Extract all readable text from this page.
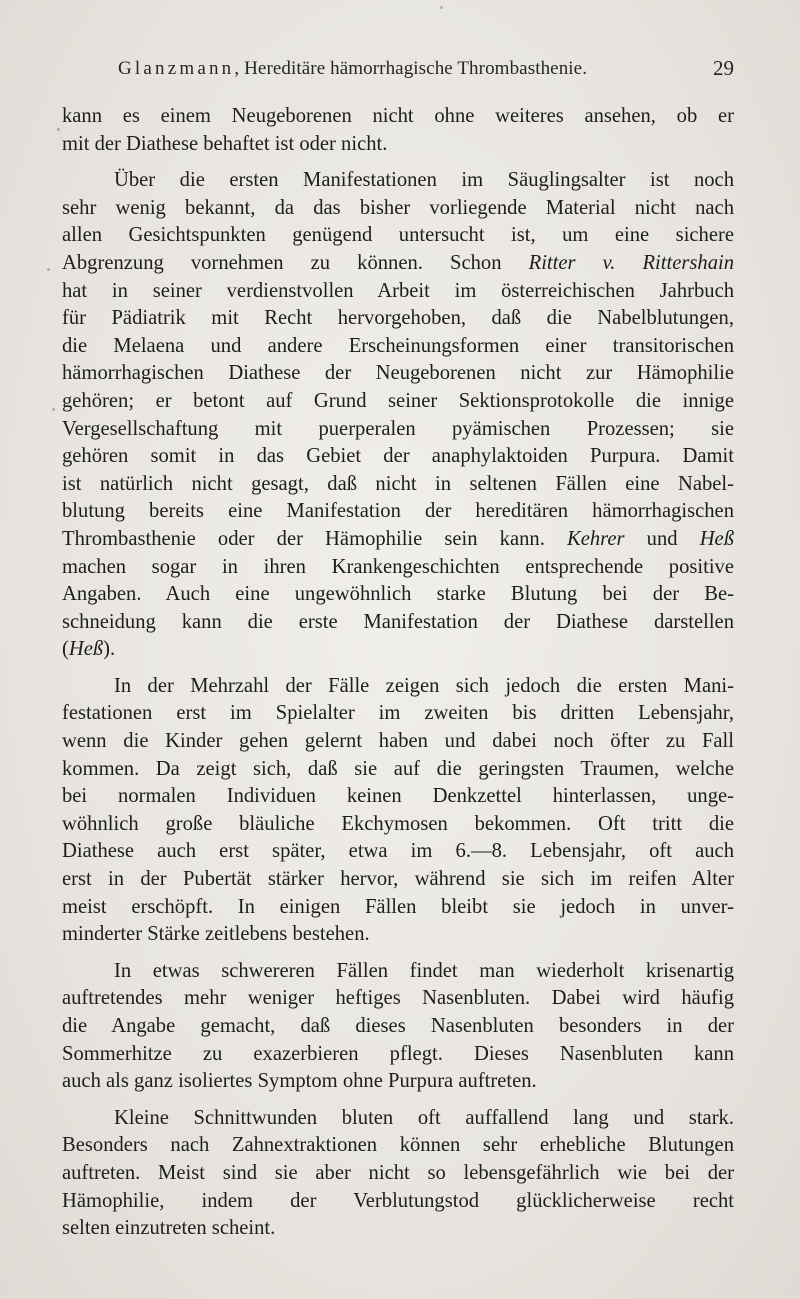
Glanzmann, Hereditäre hämorrhagische Thrombasthenie.	29
kann es einem Neugeborenen nicht ohne weiteres ansehen, ob er
mit der Diathese behaftet ist oder nicht.
Über die ersten Manifestationen im Säuglingsalter ist noch
sehr wenig bekannt, da das bisher vorliegende Material nicht nach
allen Gesichtspunkten genügend untersucht ist, um eine sichere
Abgrenzung vornehmen zu können. Schon Ritter v. Rittershain
hat in seiner verdienstvollen Arbeit im österreichischen Jahrbuch
für Pädiatrik mit Recht hervorgehoben, daß die Nabelblutungen,
die Melaena und andere Erscheinungsformen einer transitorischen
hämorrhagischen Diathese der Neugeborenen nicht zur Hämophilie
gehören; er betont auf Grund seiner Sektionsprotokolle die innige
Vergesellschaftung mit puerperalen pyämischen Prozessen; sie
gehören somit in das Gebiet der anaphylaktoiden Purpura. Damit
ist natürlich nicht gesagt, daß nicht in seltenen Fällen eine Nabel-
blutung bereits eine Manifestation der hereditären hämorrhagischen
Thrombasthenie oder der Hämophilie sein kann. Kehrer und Heß
machen sogar in ihren Krankengeschichten entsprechende positive
Angaben. Auch eine ungewöhnlich starke Blutung bei der Be-
schneidung kann die erste Manifestation der Diathese darstellen
(Heß).
In der Mehrzahl der Fälle zeigen sich jedoch die ersten Mani-
festationen erst im Spielalter im zweiten bis dritten Lebensjahr,
wenn die Kinder gehen gelernt haben und dabei noch öfter zu Fall
kommen. Da zeigt sich, daß sie auf die geringsten Traumen, welche
bei normalen Individuen keinen Denkzettel hinterlassen, unge-
wöhnlich große bläuliche Ekchymosen bekommen. Oft tritt die
Diathese auch erst später, etwa im 6.—8. Lebensjahr, oft auch
erst in der Pubertät stärker hervor, während sie sich im reifen Alter
meist erschöpft. In einigen Fällen bleibt sie jedoch in unver-
minderter Stärke zeitlebens bestehen.
In etwas schwereren Fällen findet man wiederholt krisenartig
auftretendes mehr weniger heftiges Nasenbluten. Dabei wird häufig
die Angabe gemacht, daß dieses Nasenbluten besonders in der
Sommerhitze zu exazerbieren pflegt. Dieses Nasenbluten kann
auch als ganz isoliertes Symptom ohne Purpura auftreten.
Kleine Schnittwunden bluten oft auffallend lang und stark.
Besonders nach Zahnextraktionen können sehr erhebliche Blutungen
auftreten. Meist sind sie aber nicht so lebensgefährlich wie bei der
Hämophilie, indem der Verblutungstod glücklicherweise recht
selten einzutreten scheint.
